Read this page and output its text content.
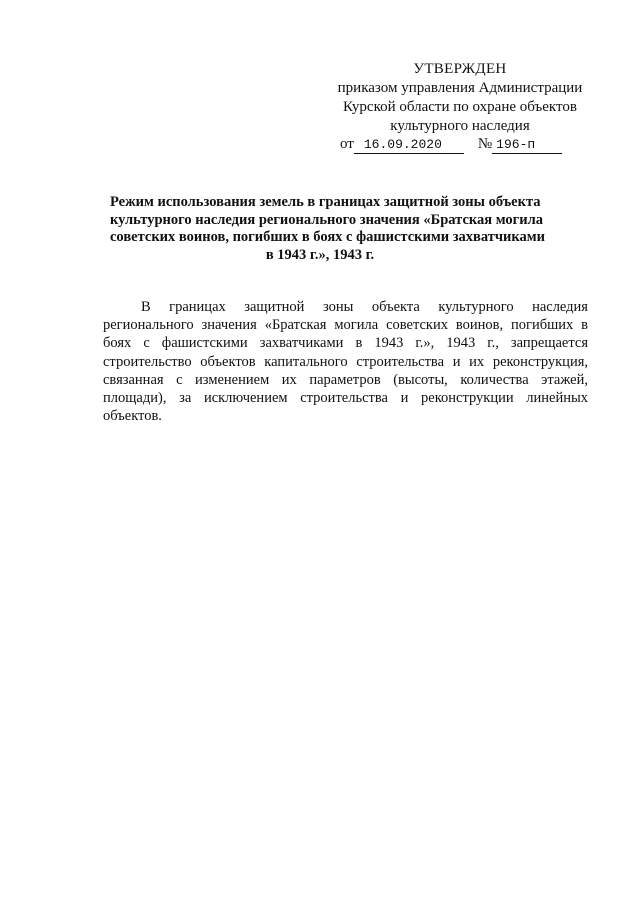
УТВЕРЖДЕН
приказом управления Администрации
Курской области по охране объектов
культурного наследия
от 16.09.2020 № 196-п
Режим использования земель в границах защитной зоны объекта
культурного наследия регионального значения «Братская могила
советских воинов, погибших в боях с фашистскими захватчиками
в 1943 г.», 1943 г.
В границах защитной зоны объекта культурного наследия
регионального значения «Братская могила советских воинов, погибших в
боях с фашистскими захватчиками в 1943 г.», 1943 г., запрещается
строительство объектов капитального строительства и их реконструкция,
связанная с изменением их параметров (высоты, количества этажей,
площади), за исключением строительства и реконструкции линейных
объектов.
